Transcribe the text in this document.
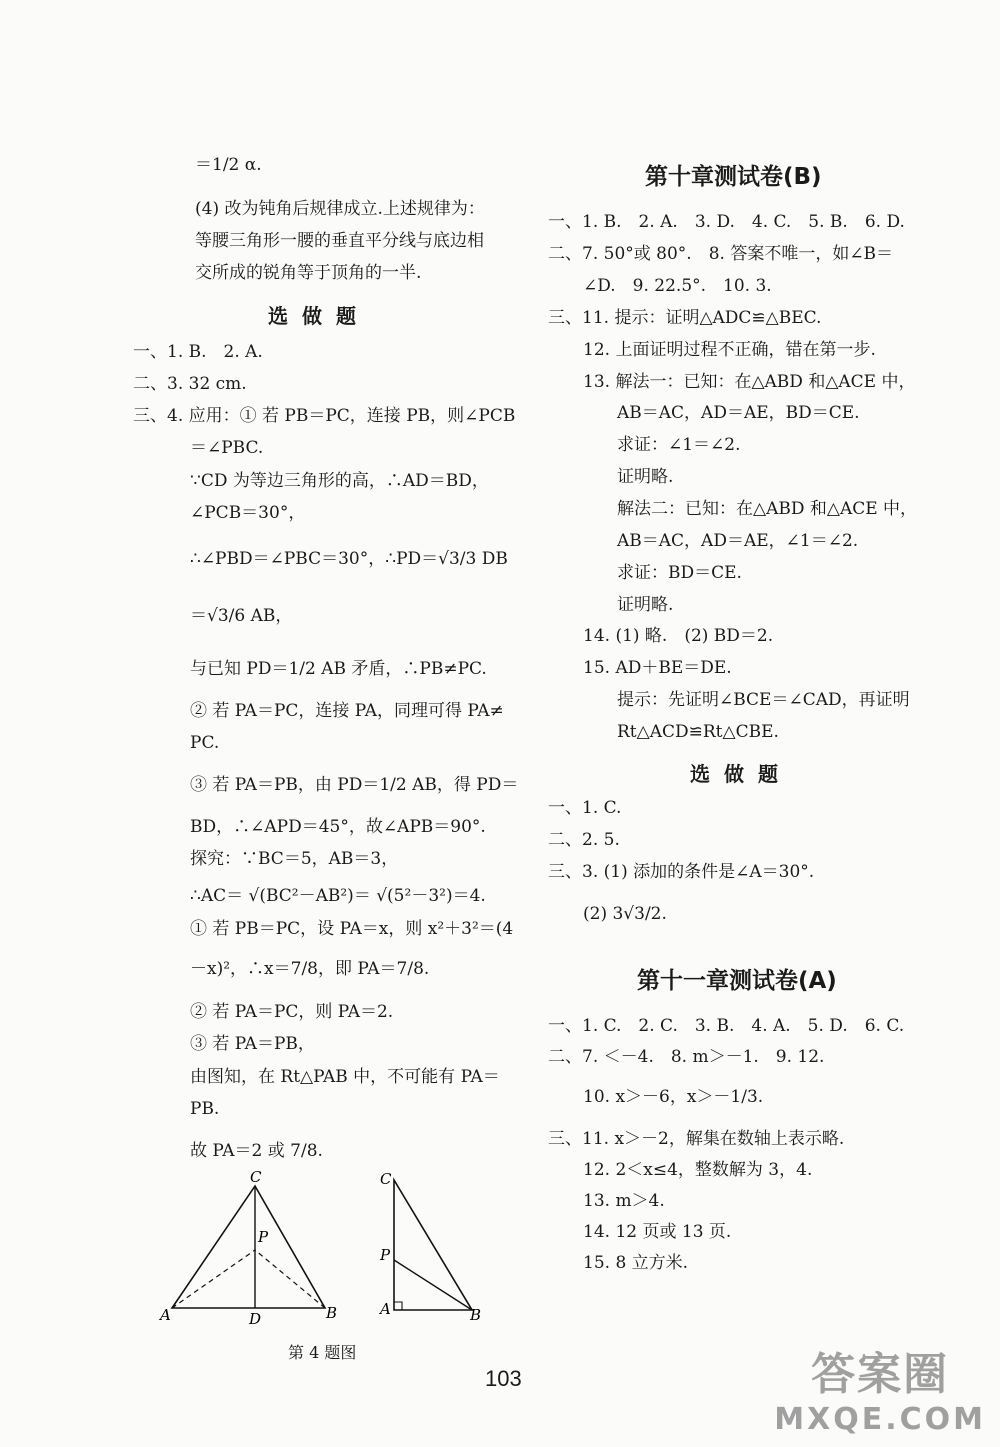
＝1/2 α.
(4) 改为钝角后规律成立.上述规律为：
等腰三角形一腰的垂直平分线与底边相
交所成的锐角等于顶角的一半.
选做题
一、1. B.　2. A.
二、3. 32 cm.
三、4. 应用：① 若 PB＝PC，连接 PB，则∠PCB
＝∠PBC.
∵CD 为等边三角形的高，∴AD＝BD，
∠PCB＝30°，
∴∠PBD＝∠PBC＝30°，∴PD＝√3/3 DB
＝√3/6 AB，
与已知 PD＝1/2 AB 矛盾，∴PB≠PC.
② 若 PA＝PC，连接 PA，同理可得 PA≠
PC.
③ 若 PA＝PB，由 PD＝1/2 AB，得 PD＝
BD，∴∠APD＝45°，故∠APB＝90°.
探究：∵BC＝5，AB＝3，
∴AC＝ √(BC²－AB²)＝ √(5²－3²)＝4.
① 若 PB＝PC，设 PA＝x，则 x²＋3²＝(4
－x)²，∴x＝7/8，即 PA＝7/8.
② 若 PA＝PC，则 PA＝2.
③ 若 PA＝PB，
由图知，在 Rt△PAB 中，不可能有 PA＝
PB.
故 PA＝2 或 7/8.
C
P
A	D	B
C
P
A	B
第 4 题图
第十章测试卷(B)
一、1. B.　2. A.　3. D.　4. C.　5. B.　6. D.
二、7. 50°或 80°.　8. 答案不唯一，如∠B＝
∠D.　9. 22.5°.　10. 3.
三、11. 提示：证明△ADC≌△BEC.
12. 上面证明过程不正确，错在第一步.
13. 解法一：已知：在△ABD 和△ACE 中，
AB＝AC，AD＝AE，BD＝CE.
求证：∠1＝∠2.
证明略.
解法二：已知：在△ABD 和△ACE 中，
AB＝AC，AD＝AE，∠1＝∠2.
求证：BD＝CE.
证明略.
14. (1) 略.　(2) BD＝2.
15. AD＋BE＝DE.
提示：先证明∠BCE＝∠CAD，再证明
Rt△ACD≌Rt△CBE.
选做题
一、1. C.
二、2. 5.
三、3. (1) 添加的条件是∠A＝30°.
(2) 3√3/2.
第十一章测试卷(A)
一、1. C.　2. C.　3. B.　4. A.　5. D.　6. C.
二、7. ＜－4.　8. m＞－1.　9. 12.
10. x＞－6，x＞－1/3.
三、11. x＞－2，解集在数轴上表示略.
12. 2＜x≤4，整数解为 3，4.
13. m＞4.
14. 12 页或 13 页.
15. 8 立方米.
103	答案圈
MXQE.COM
